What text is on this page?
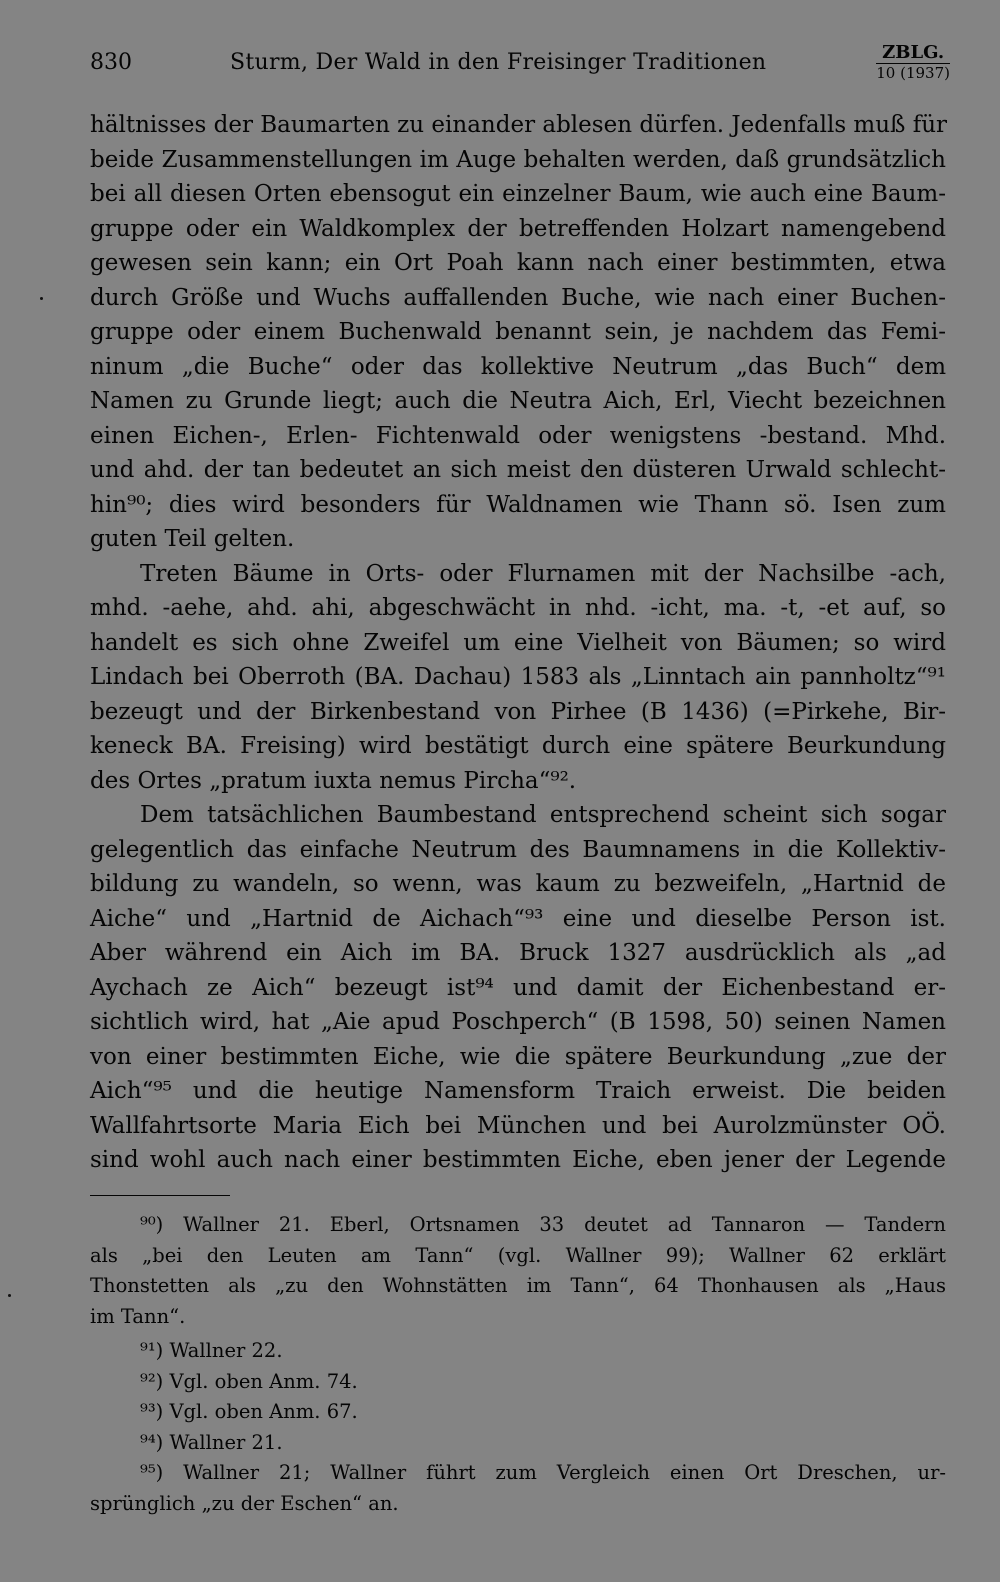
830	Sturm, Der Wald in den Freisinger Traditionen	ZBLG.
10 (1937)
hältnisses der Baumarten zu einander ablesen dürfen. Jedenfalls muß für
beide Zusammenstellungen im Auge behalten werden, daß grundsätzlich
bei all diesen Orten ebensogut ein einzelner Baum, wie auch eine Baum-
gruppe oder ein Waldkomplex der betreffenden Holzart namengebend
gewesen sein kann; ein Ort Poah kann nach einer bestimmten, etwa
durch Größe und Wuchs auffallenden Buche, wie nach einer Buchen-
gruppe oder einem Buchenwald benannt sein, je nachdem das Femi-
ninum „die Buche“ oder das kollektive Neutrum „das Buch“ dem
Namen zu Grunde liegt; auch die Neutra Aich, Erl, Viecht bezeichnen
einen Eichen-, Erlen- Fichtenwald oder wenigstens -bestand. Mhd.
und ahd. der tan bedeutet an sich meist den düsteren Urwald schlecht-
hin⁹⁰; dies wird besonders für Waldnamen wie Thann sö. Isen zum
guten Teil gelten.
Treten Bäume in Orts- oder Flurnamen mit der Nachsilbe -ach,
mhd. -aehe, ahd. ahi, abgeschwächt in nhd. -icht, ma. -t, -et auf, so
handelt es sich ohne Zweifel um eine Vielheit von Bäumen; so wird
Lindach bei Oberroth (BA. Dachau) 1583 als „Linntach ain pannholtz“⁹¹
bezeugt und der Birkenbestand von Pirhee (B 1436) (=Pirkehe, Bir-
keneck BA. Freising) wird bestätigt durch eine spätere Beurkundung
des Ortes „pratum iuxta nemus Pircha“⁹².
Dem tatsächlichen Baumbestand entsprechend scheint sich sogar
gelegentlich das einfache Neutrum des Baumnamens in die Kollektiv-
bildung zu wandeln, so wenn, was kaum zu bezweifeln, „Hartnid de
Aiche“ und „Hartnid de Aichach“⁹³ eine und dieselbe Person ist.
Aber während ein Aich im BA. Bruck 1327 ausdrücklich als „ad
Aychach ze Aich“ bezeugt ist⁹⁴ und damit der Eichenbestand er-
sichtlich wird, hat „Aie apud Poschperch“ (B 1598, 50) seinen Namen
von einer bestimmten Eiche, wie die spätere Beurkundung „zue der
Aich“⁹⁵ und die heutige Namensform Traich erweist. Die beiden
Wallfahrtsorte Maria Eich bei München und bei Aurolzmünster OÖ.
sind wohl auch nach einer bestimmten Eiche, eben jener der Legende
⁹⁰) Wallner 21. Eberl, Ortsnamen 33 deutet ad Tannaron — Tandern
als „bei den Leuten am Tann“ (vgl. Wallner 99); Wallner 62 erklärt
Thonstetten als „zu den Wohnstätten im Tann“, 64 Thonhausen als „Haus
im Tann“.
⁹¹) Wallner 22.
⁹²) Vgl. oben Anm. 74.
⁹³) Vgl. oben Anm. 67.
⁹⁴) Wallner 21.
⁹⁵) Wallner 21; Wallner führt zum Vergleich einen Ort Dreschen, ur-
sprünglich „zu der Eschen“ an.
